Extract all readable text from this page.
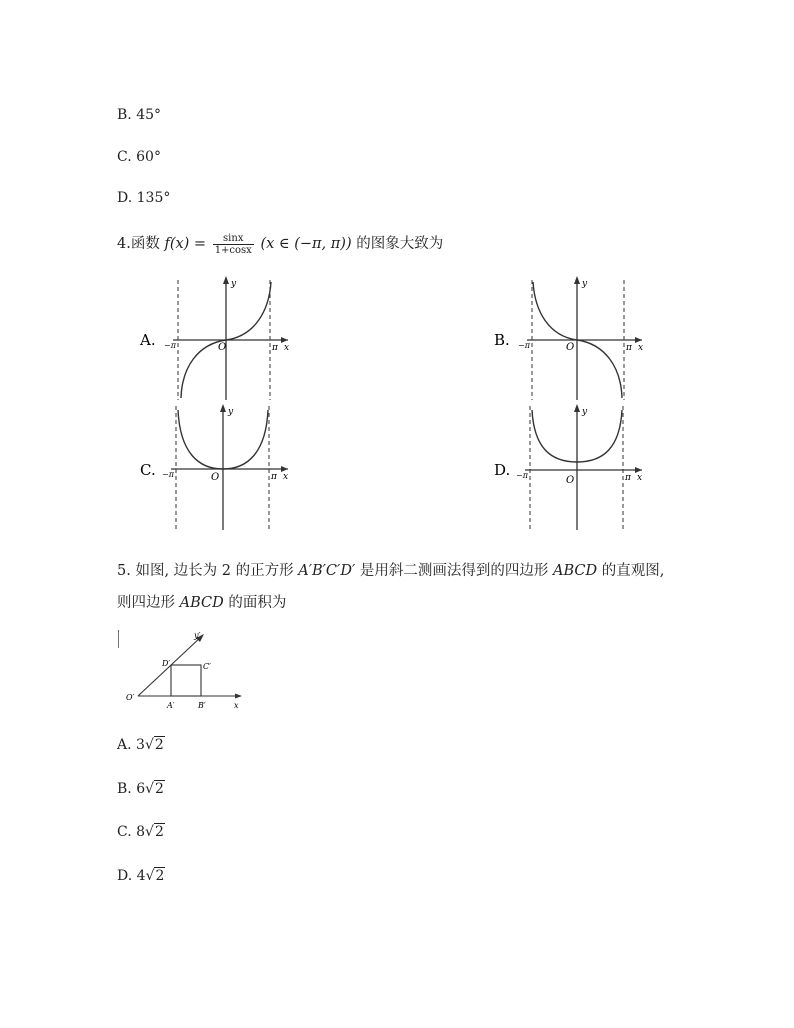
B. 45°
C. 60°
D. 135°
4.函数 $f(x) = \frac{\sin x}{1+\cos x} (x$ ∈ (−π, π)) 的图象大致为
A. −π	O
y
π x	B. −π	O
y
π x
C. −π	O
y
π x	D. −π	O
y
π x
5. 如图, 边长为 2 的正方形 A′B′C′D′ 是用斜二测画法得到的四边形 ABCD 的直观图,
则四边形 ABCD 的面积为
y′
x
O′
A′	B′
C′
D′
A. 3√2
B. 6√2
C. 8√2
D. 4√2
